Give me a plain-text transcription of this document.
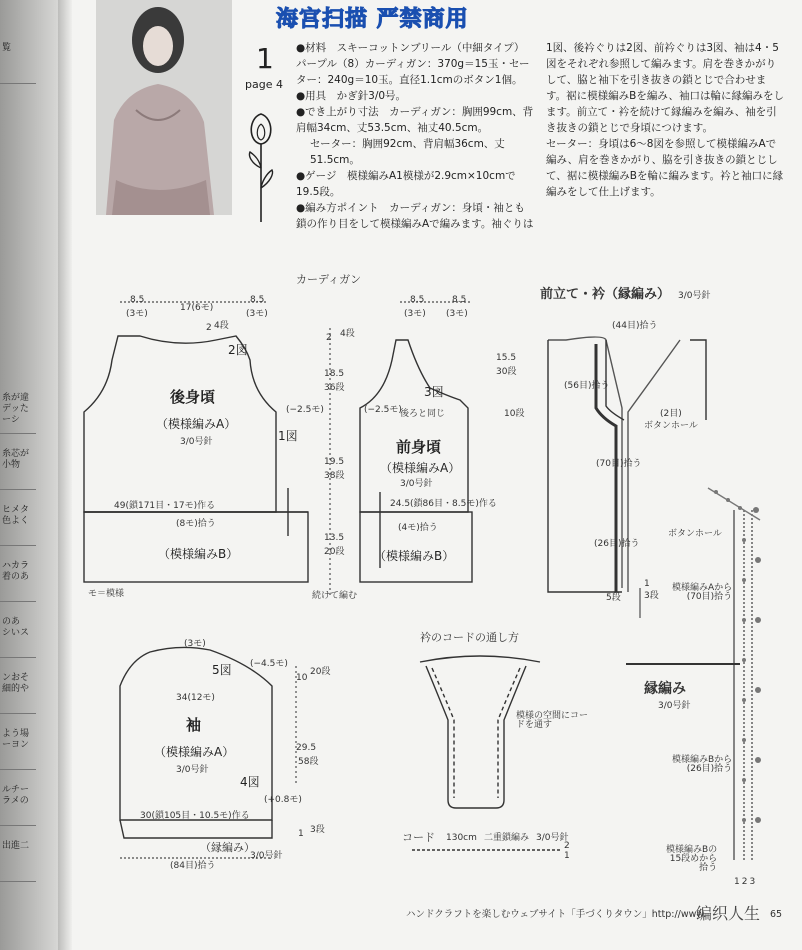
覧
糸が違
デッた
ーシ
糸芯が
小物
ヒメタ
色よく
ハカラ
着のあ
のあ
シいス
ンおそ
細的や
よう場
ーヨン
ルチー
ラメの
出進二
海宫扫描 严禁商用
1
page 4

●材料　スキーコットンブリール（中細タイプ）パープル（8）カーディガン：370g＝15玉・セーター：240g＝10玉。直径1.1cmのボタン1個。

●用具　かぎ針3/0号。

●でき上がり寸法　カーディガン：胸囲99cm、背肩幅34cm、丈53.5cm、袖丈40.5cm。

セーター：胸囲92cm、背肩幅36cm、丈51.5cm。

●ゲージ　模様編みA1模様が2.9cm×10cmで19.5段。

●編み方ポイント　カーディガン：身頃・袖とも鎖の作り目をして模様編みAで編みます。袖ぐりは

1図、後衿ぐりは2図、前衿ぐりは3図、袖は4・5図をそれぞれ参照して編みます。肩を巻きかがりして、脇と袖下を引き抜きの鎖とじで合わせます。裾に模様編みBを編み、袖口は輪に縁編みをします。前立て・衿を続けて縁編みを編み、袖を引き抜きの鎖とじで身頃につけます。

セーター：身頃は6〜8図を参照して模様編みAで編み、肩を巻きかがり、脇を引き抜きの鎖とじして、裾に模様編みBを輪に編みます。衿と袖口に縁編みをして仕上げます。

カーディガン
8.5
(3モ)
17(6モ)
8.5
(3モ)
2 4段
2図
後身頃
（模様編みA）
3/0号針
(−2.5モ)
1図
49(鎖171目・17モ)作る
(8モ)拾う
（模様編みB）
モ＝模様
2 4段
18.5
36段
19.5
38段
13.5
20段
続けて編む
8.5
(3モ)
8.5
(3モ)
15.5
30段
10段
3図
(−2.5モ)
後ろと同じ
前身頃
（模様編みA）
3/0号針
24.5(鎖86目・8.5モ)作る
(4モ)拾う
（模様編みB）
前立て・衿（縁編み） 3/0号針
(44目)拾う
(56目)拾う
(2目)
ボタンホール
(70目)拾う
(26目)拾う
5段
1
3段
(3モ)
5図 (−4.5モ)
34(12モ)
袖
（模様編みA）
3/0号針
4図
(+0.8モ)
30(鎖105目・10.5モ)作る
（縁編み）
3/0号針
(84目)拾う
10
20段
29.5
58段
1 3段
衿のコードの通し方
模様の空間にコードを通す
コード 130cm 二重鎖編み 3/0号針
2
1
縁編み
3/0号針
ボタンホール
模様編みAから
(70目)拾う
模様編みBから
(26目)拾う
模様編みBの
15段めから
拾う
123
ハンドクラフトを楽しむウェブサイト「手づくりタウン」http://www.	65
编织人生
